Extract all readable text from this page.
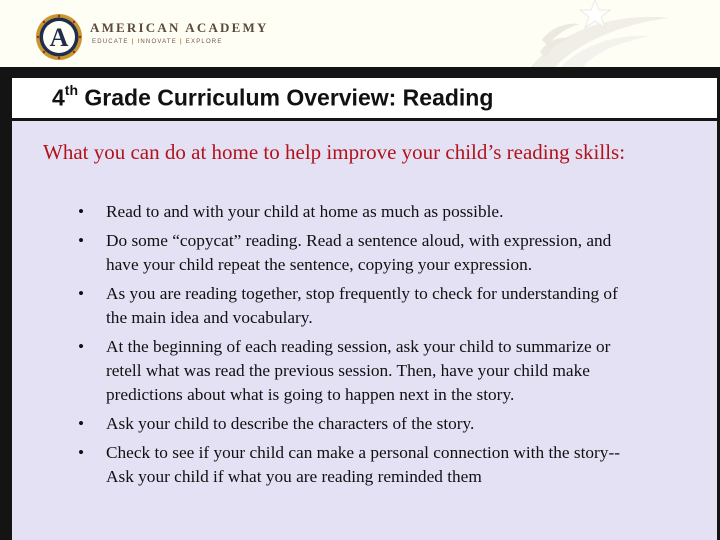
A AMERICAN ACADEMY
EDUCATE | INNOVATE | EXPLORE
4th Grade Curriculum Overview: Reading
What you can do at home to help improve your child’s reading skills:
•	Read to and with your child at home as much as possible.
•	Do some “copycat” reading. Read a sentence aloud, with expression, and have your child repeat the sentence, copying your expression.
•	As you are reading together, stop frequently to check for understanding of the main idea and vocabulary.
•	At the beginning of each reading session, ask your child to summarize or retell what was read the previous session. Then, have your child make predictions about what is going to happen next in the story.
•	Ask your child to describe the characters of the story.
•	Check to see if your child can make a personal connection with the story--Ask your child if what you are reading reminded them
